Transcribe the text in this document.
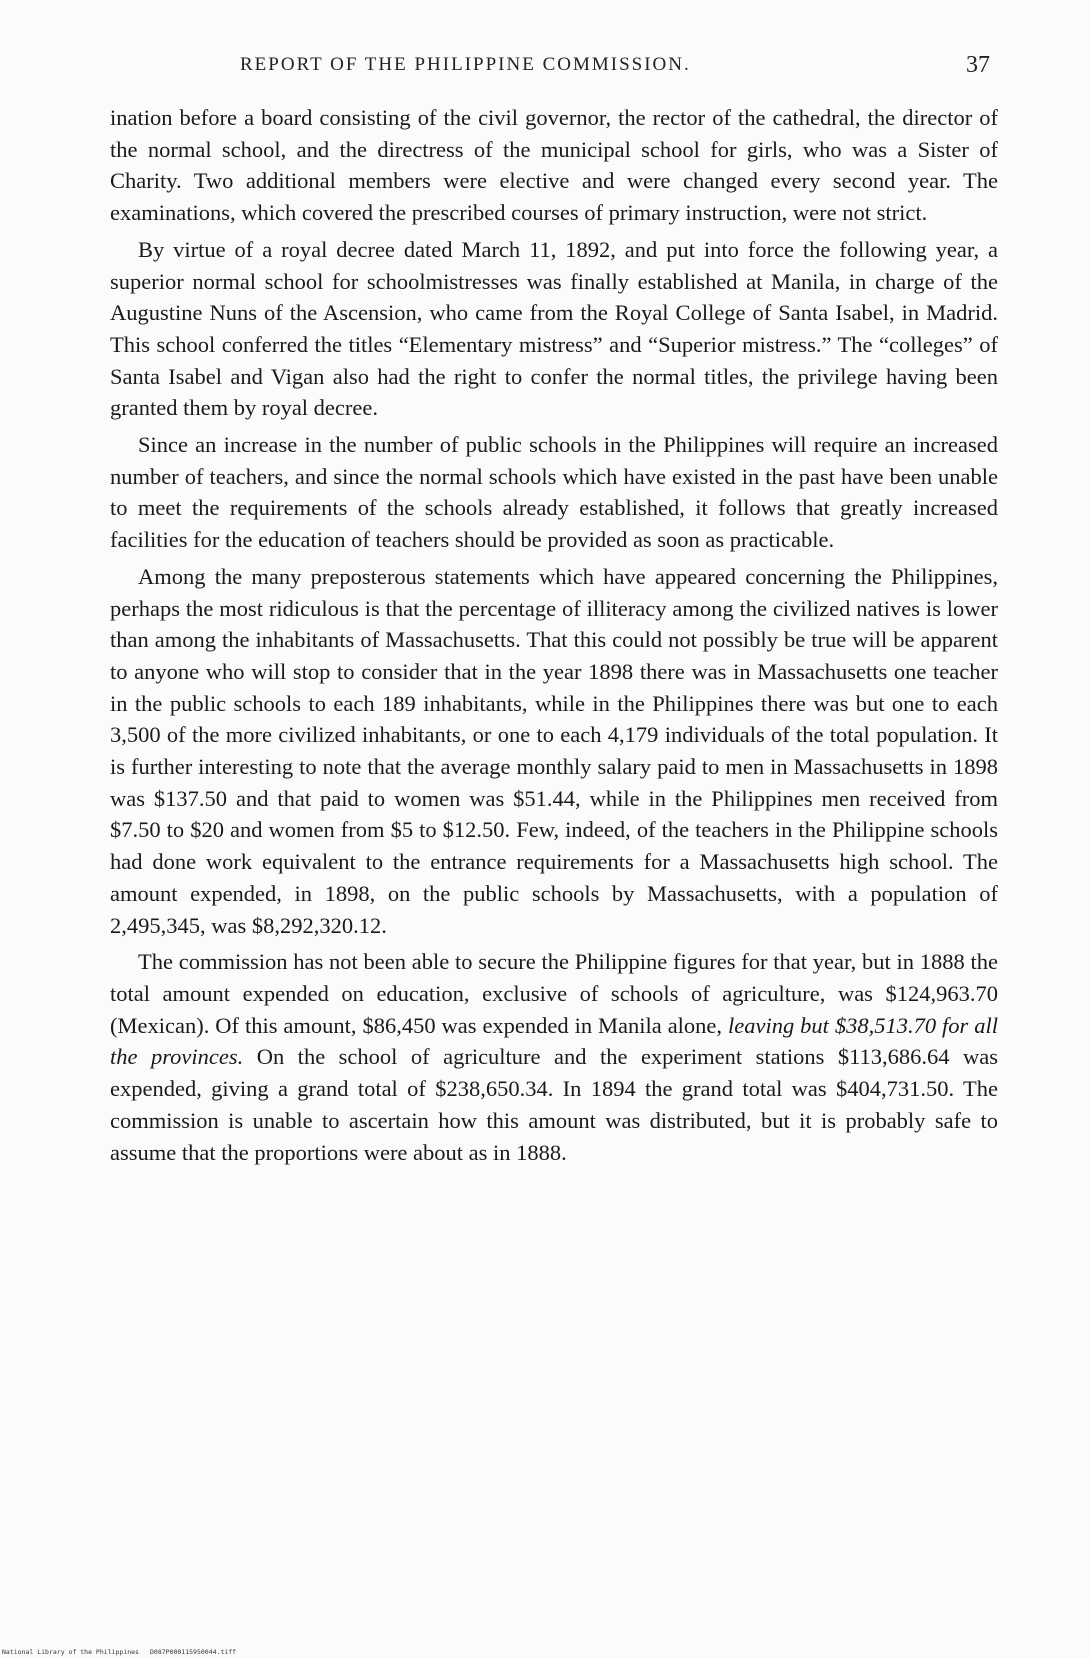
REPORT OF THE PHILIPPINE COMMISSION.	37

ination before a board consisting of the civil governor, the rector of the cathedral, the director of the normal school, and the directress of the municipal school for girls, who was a Sister of Charity. Two additional members were elective and were changed every second year. The examinations, which covered the prescribed courses of primary instruction, were not strict.

By virtue of a royal decree dated March 11, 1892, and put into force the following year, a superior normal school for schoolmistresses was finally established at Manila, in charge of the Augustine Nuns of the Ascension, who came from the Royal College of Santa Isabel, in Madrid. This school conferred the titles “Elementary mistress” and “Superior mistress.” The “colleges” of Santa Isabel and Vigan also had the right to confer the normal titles, the privilege having been granted them by royal decree.

Since an increase in the number of public schools in the Philippines will require an increased number of teachers, and since the normal schools which have existed in the past have been unable to meet the requirements of the schools already established, it follows that greatly increased facilities for the education of teachers should be provided as soon as practicable.

Among the many preposterous statements which have appeared concerning the Philippines, perhaps the most ridiculous is that the percentage of illiteracy among the civilized natives is lower than among the inhabitants of Massachusetts. That this could not possibly be true will be apparent to anyone who will stop to consider that in the year 1898 there was in Massachusetts one teacher in the public schools to each 189 inhabitants, while in the Philippines there was but one to each 3,500 of the more civilized inhabitants, or one to each 4,179 individuals of the total population. It is further interesting to note that the average monthly salary paid to men in Massachusetts in 1898 was $137.50 and that paid to women was $51.44, while in the Philippines men received from $7.50 to $20 and women from $5 to $12.50. Few, indeed, of the teachers in the Philippine schools had done work equivalent to the entrance requirements for a Massachusetts high school. The amount expended, in 1898, on the public schools by Massachusetts, with a population of 2,495,345, was $8,292,320.12.

The commission has not been able to secure the Philippine figures for that year, but in 1888 the total amount expended on education, exclusive of schools of agriculture, was $124,963.70 (Mexican). Of this amount, $86,450 was expended in Manila alone, leaving but $38,513.70 for all the provinces. On the school of agriculture and the experiment stations $113,686.64 was expended, giving a grand total of $238,650.34. In 1894 the grand total was $404,731.50. The commission is unable to ascertain how this amount was distributed, but it is probably safe to assume that the proportions were about as in 1888.

National Library of the Philippines D087P000115950044.tiff
